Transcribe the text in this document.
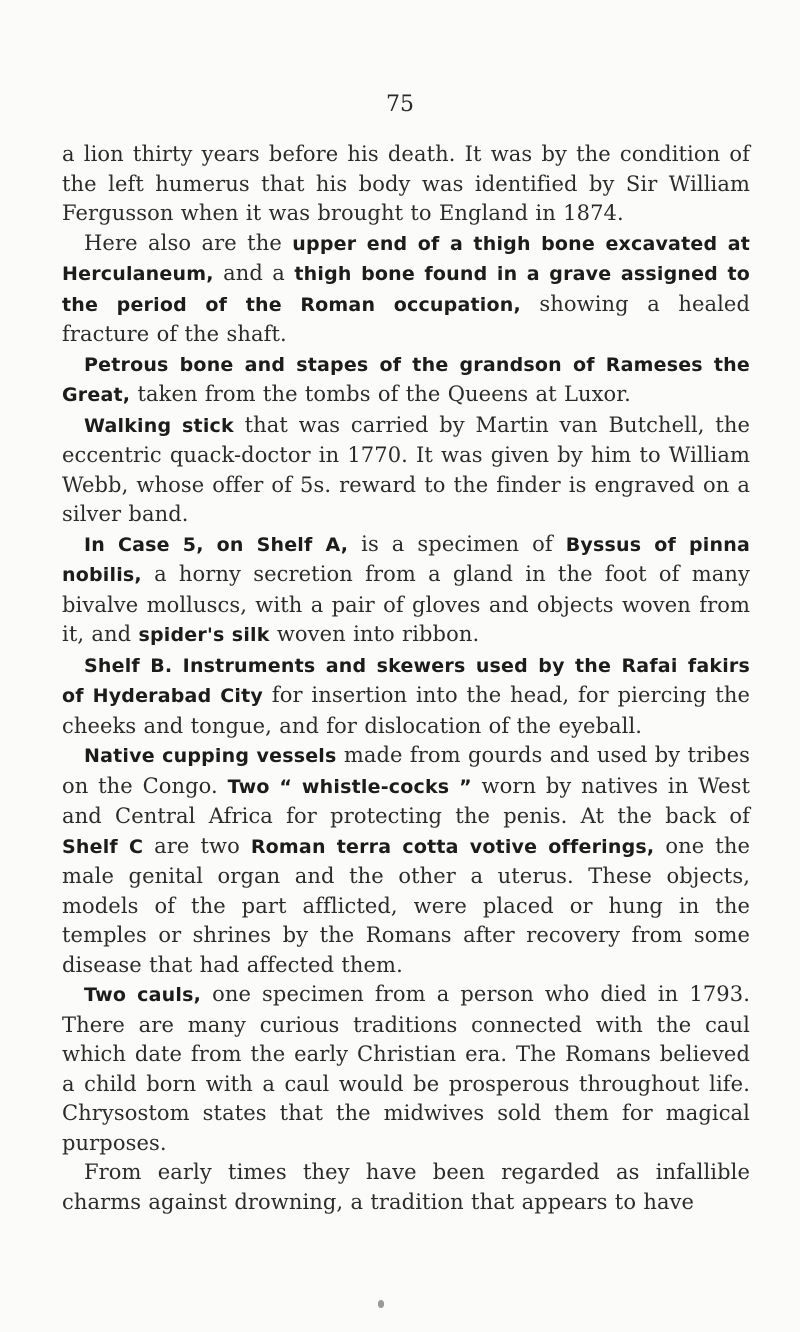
75

a lion thirty years before his death. It was by the condition of the left humerus that his body was identified by Sir William Fergusson when it was brought to England in 1874.

Here also are the upper end of a thigh bone excavated at Herculaneum, and a thigh bone found in a grave assigned to the period of the Roman occupation, showing a healed fracture of the shaft.

Petrous bone and stapes of the grandson of Rameses the Great, taken from the tombs of the Queens at Luxor.

Walking stick that was carried by Martin van Butchell, the eccentric quack-doctor in 1770. It was given by him to William Webb, whose offer of 5s. reward to the finder is engraved on a silver band.

In Case 5, on Shelf A, is a specimen of Byssus of pinna nobilis, a horny secretion from a gland in the foot of many bivalve molluscs, with a pair of gloves and objects woven from it, and spider's silk woven into ribbon.

Shelf B. Instruments and skewers used by the Rafai fakirs of Hyderabad City for insertion into the head, for piercing the cheeks and tongue, and for dislocation of the eyeball.

Native cupping vessels made from gourds and used by tribes on the Congo. Two “ whistle-cocks ” worn by natives in West and Central Africa for protecting the penis. At the back of Shelf C are two Roman terra cotta votive offerings, one the male genital organ and the other a uterus. These objects, models of the part afflicted, were placed or hung in the temples or shrines by the Romans after recovery from some disease that had affected them.

Two cauls, one specimen from a person who died in 1793. There are many curious traditions connected with the caul which date from the early Christian era. The Romans believed a child born with a caul would be prosperous throughout life. Chrysostom states that the midwives sold them for magical purposes.

From early times they have been regarded as infallible charms against drowning, a tradition that appears to have
